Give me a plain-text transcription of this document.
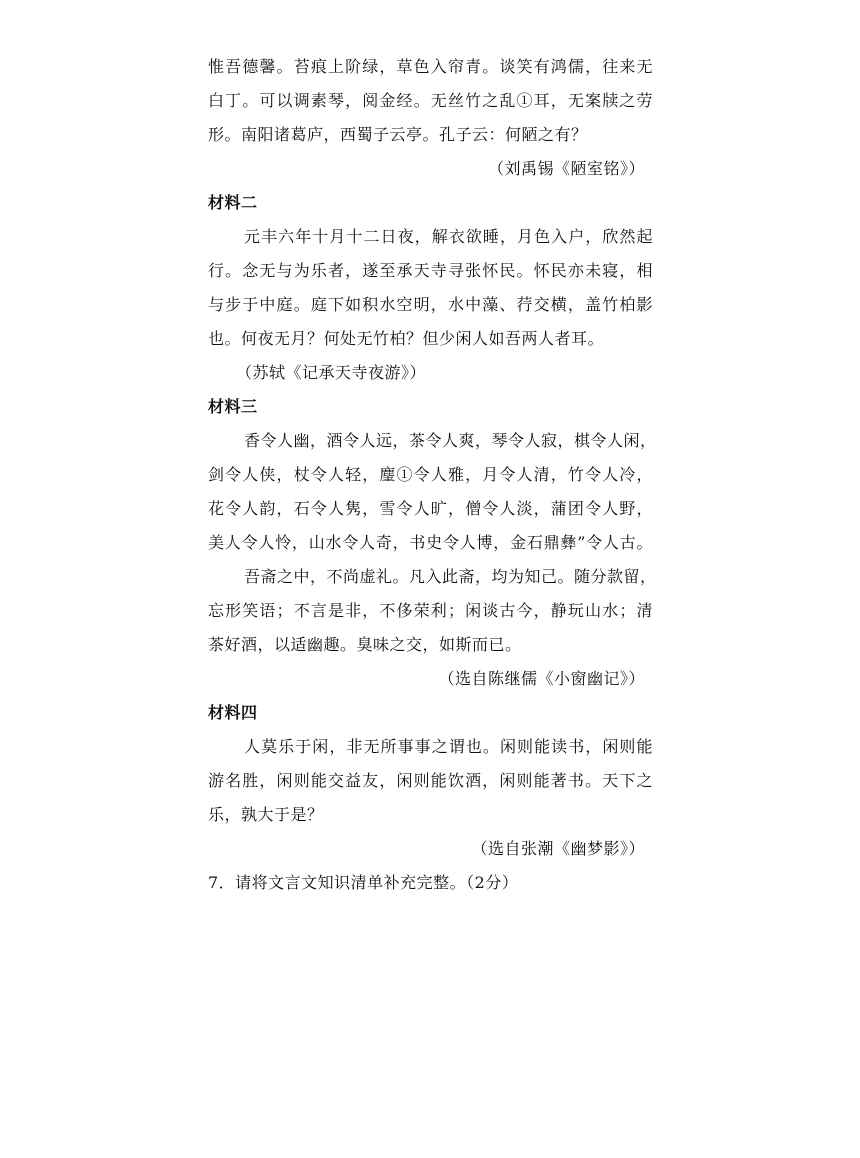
惟吾德馨。苔痕上阶绿，草色入帘青。谈笑有鸿儒，往来无
白丁。可以调素琴，阅金经。无丝竹之乱①耳，无案牍之劳
形。南阳诸葛庐，西蜀子云亭。孔子云：何陋之有？
（刘禹锡《陋室铭》）
材料二
元丰六年十月十二日夜，解衣欲睡，月色入户，欣然起
行。念无与为乐者，遂至承天寺寻张怀民。怀民亦未寝，相
与步于中庭。庭下如积水空明，水中藻、荇交横，盖竹柏影
也。何夜无月？何处无竹柏？但少闲人如吾两人者耳。
（苏轼《记承天寺夜游》）
材料三
香令人幽，酒令人远，茶令人爽，琴令人寂，棋令人闲，
剑令人侠，杖令人轻，麈①令人雅，月令人清，竹令人冷，
花令人韵，石令人隽，雪令人旷，僧令人淡，蒲团令人野，
美人令人怜，山水令人奇，书史令人博，金石鼎彝”令人古。
吾斋之中，不尚虚礼。凡入此斋，均为知己。随分款留，
忘形笑语；不言是非，不侈荣利；闲谈古今，静玩山水；清
茶好酒，以适幽趣。臭味之交，如斯而已。
（选自陈继儒《小窗幽记》）
材料四
人莫乐于闲，非无所事事之谓也。闲则能读书，闲则能
游名胜，闲则能交益友，闲则能饮酒，闲则能著书。天下之
乐，孰大于是？
（选自张潮《幽梦影》）
7．请将文言文知识清单补充完整。（2分）
